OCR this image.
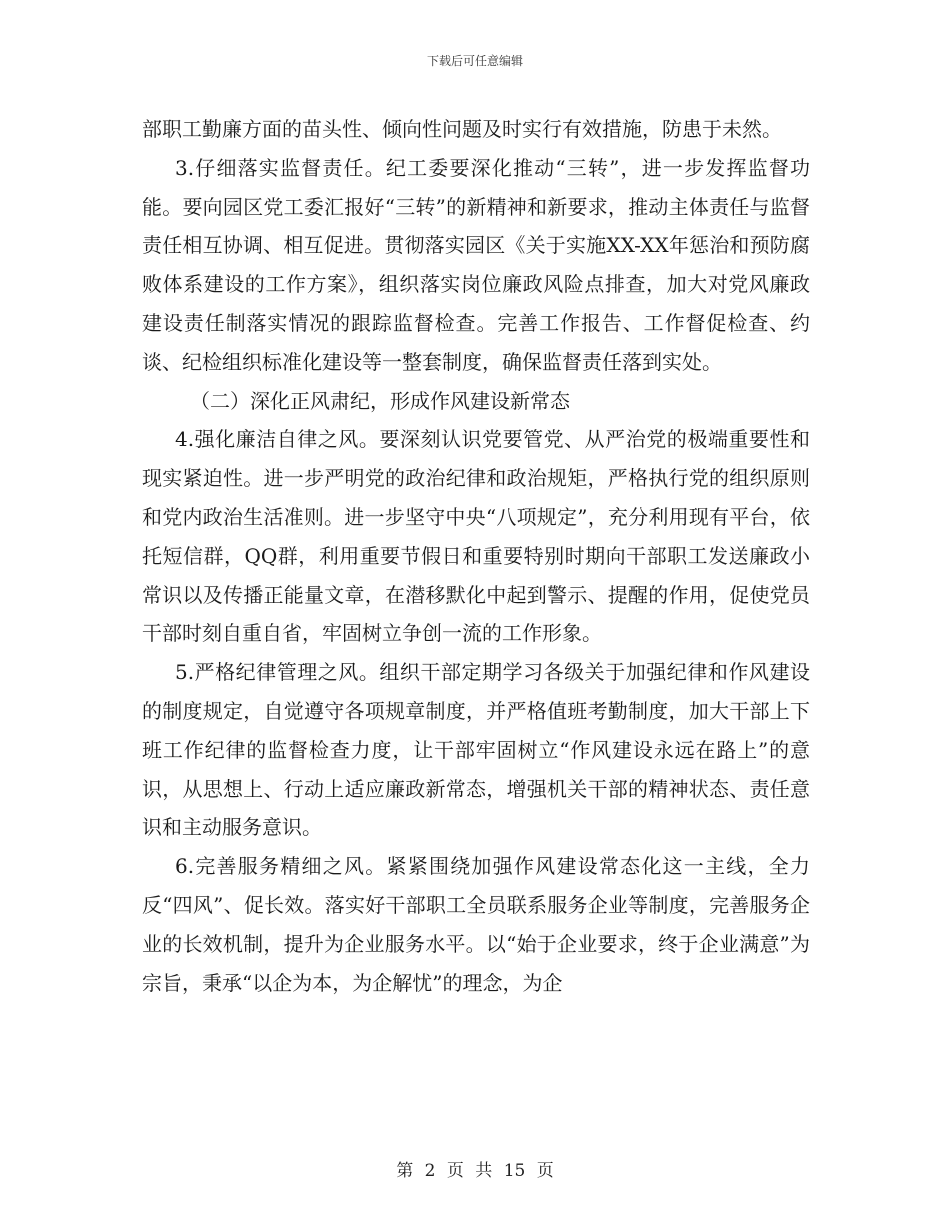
下载后可任意编辑

部职工勤廉方面的苗头性、倾向性问题及时实行有效措施，防患于未然。

3.仔细落实监督责任。纪工委要深化推动“三转”，进一步发挥监督功能。要向园区党工委汇报好“三转”的新精神和新要求，推动主体责任与监督责任相互协调、相互促进。贯彻落实园区《关于实施XX-XX年惩治和预防腐败体系建设的工作方案》，组织落实岗位廉政风险点排查，加大对党风廉政建设责任制落实情况的跟踪监督检查。完善工作报告、工作督促检查、约谈、纪检组织标准化建设等一整套制度，确保监督责任落到实处。

（二）深化正风肃纪，形成作风建设新常态

4.强化廉洁自律之风。要深刻认识党要管党、从严治党的极端重要性和现实紧迫性。进一步严明党的政治纪律和政治规矩，严格执行党的组织原则和党内政治生活准则。进一步坚守中央“八项规定”，充分利用现有平台，依托短信群，QQ群，利用重要节假日和重要特别时期向干部职工发送廉政小常识以及传播正能量文章，在潜移默化中起到警示、提醒的作用，促使党员干部时刻自重自省，牢固树立争创一流的工作形象。

5.严格纪律管理之风。组织干部定期学习各级关于加强纪律和作风建设的制度规定，自觉遵守各项规章制度，并严格值班考勤制度，加大干部上下班工作纪律的监督检查力度，让干部牢固树立“作风建设永远在路上”的意识，从思想上、行动上适应廉政新常态，增强机关干部的精神状态、责任意识和主动服务意识。

6.完善服务精细之风。紧紧围绕加强作风建设常态化这一主线，全力反“四风”、促长效。落实好干部职工全员联系服务企业等制度，完善服务企业的长效机制，提升为企业服务水平。以“始于企业要求，终于企业满意”为宗旨，秉承“以企为本，为企解忧”的理念，为企

第 2 页 共 15 页
